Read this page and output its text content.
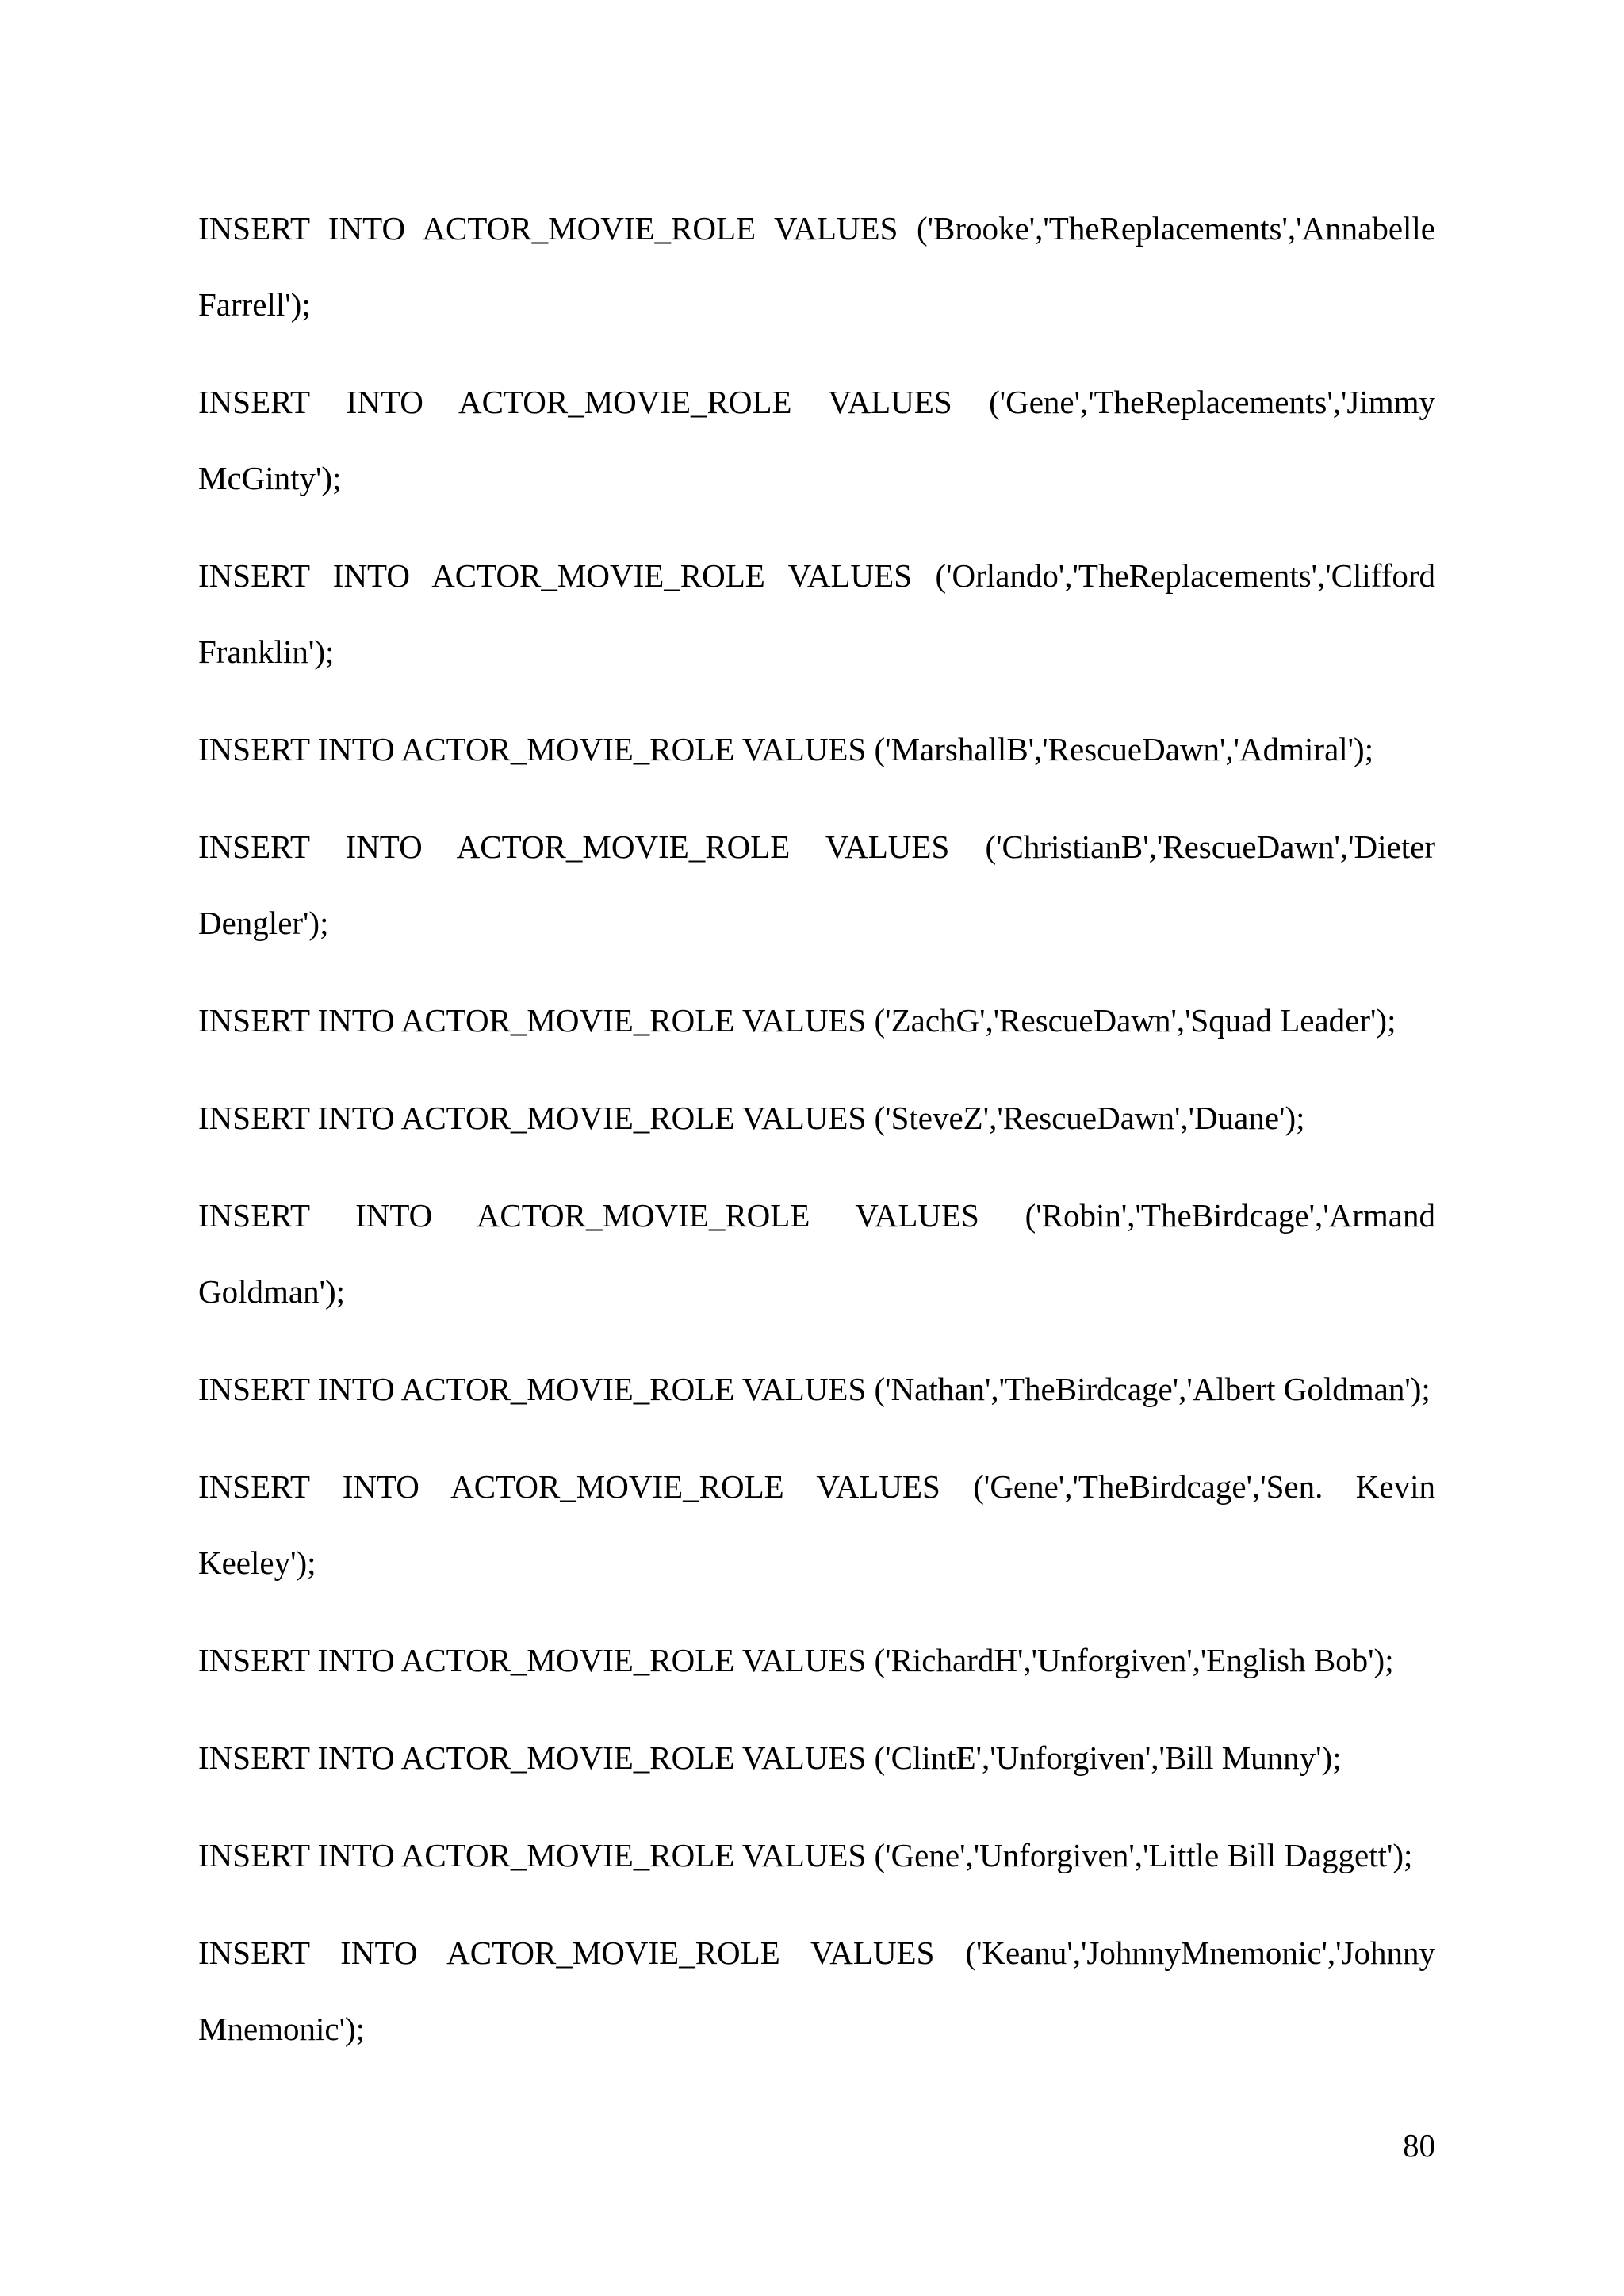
INSERT INTO ACTOR_MOVIE_ROLE VALUES ('Brooke','TheReplacements','Annabelle Farrell');

INSERT INTO ACTOR_MOVIE_ROLE VALUES ('Gene','TheReplacements','Jimmy McGinty');

INSERT INTO ACTOR_MOVIE_ROLE VALUES ('Orlando','TheReplacements','Clifford Franklin');

INSERT INTO ACTOR_MOVIE_ROLE VALUES ('MarshallB','RescueDawn','Admiral');

INSERT INTO ACTOR_MOVIE_ROLE VALUES ('ChristianB','RescueDawn','Dieter Dengler');

INSERT INTO ACTOR_MOVIE_ROLE VALUES ('ZachG','RescueDawn','Squad Leader');

INSERT INTO ACTOR_MOVIE_ROLE VALUES ('SteveZ','RescueDawn','Duane');

INSERT INTO ACTOR_MOVIE_ROLE VALUES ('Robin','TheBirdcage','Armand Goldman');

INSERT INTO ACTOR_MOVIE_ROLE VALUES ('Nathan','TheBirdcage','Albert Goldman');

INSERT INTO ACTOR_MOVIE_ROLE VALUES ('Gene','TheBirdcage','Sen. Kevin Keeley');

INSERT INTO ACTOR_MOVIE_ROLE VALUES ('RichardH','Unforgiven','English Bob');

INSERT INTO ACTOR_MOVIE_ROLE VALUES ('ClintE','Unforgiven','Bill Munny');

INSERT INTO ACTOR_MOVIE_ROLE VALUES ('Gene','Unforgiven','Little Bill Daggett');

INSERT INTO ACTOR_MOVIE_ROLE VALUES ('Keanu','JohnnyMnemonic','Johnny Mnemonic');

80
